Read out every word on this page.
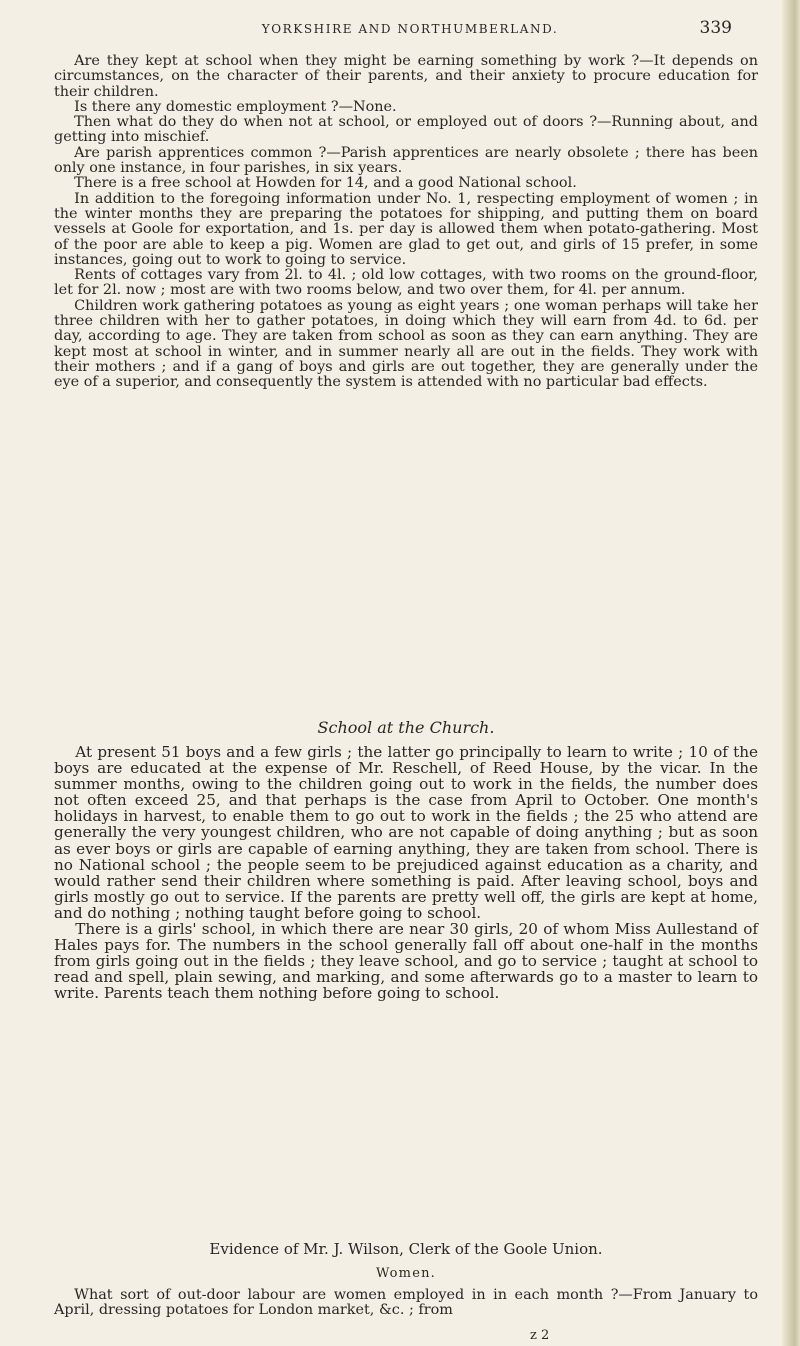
YORKSHIRE AND NORTHUMBERLAND.	339

Are they kept at school when they might be earning something by work ?—It depends on circumstances, on the character of their parents, and their anxiety to procure education for their children.

Is there any domestic employment ?—None.

Then what do they do when not at school, or employed out of doors ?—Running about, and getting into mischief.

Are parish apprentices common ?—Parish apprentices are nearly obsolete ; there has been only one instance, in four parishes, in six years.

There is a free school at Howden for 14, and a good National school.

In addition to the foregoing information under No. 1, respecting employment of women ; in the winter months they are preparing the potatoes for shipping, and putting them on board vessels at Goole for exportation, and 1s. per day is allowed them when potato-gathering. Most of the poor are able to keep a pig. Women are glad to get out, and girls of 15 prefer, in some instances, going out to work to going to service.

Rents of cottages vary from 2l. to 4l. ; old low cottages, with two rooms on the ground-floor, let for 2l. now ; most are with two rooms below, and two over them, for 4l. per annum.

Children work gathering potatoes as young as eight years ; one woman perhaps will take her three children with her to gather potatoes, in doing which they will earn from 4d. to 6d. per day, according to age. They are taken from school as soon as they can earn anything. They are kept most at school in winter, and in summer nearly all are out in the fields. They work with their mothers ; and if a gang of boys and girls are out together, they are generally under the eye of a superior, and consequently the system is attended with no particular bad effects.

School at the Church.

At present 51 boys and a few girls ; the latter go principally to learn to write ; 10 of the boys are educated at the expense of Mr. Reschell, of Reed House, by the vicar. In the summer months, owing to the children going out to work in the fields, the number does not often exceed 25, and that perhaps is the case from April to October. One month's holidays in harvest, to enable them to go out to work in the fields ; the 25 who attend are generally the very youngest children, who are not capable of doing anything ; but as soon as ever boys or girls are capable of earning anything, they are taken from school. There is no National school ; the people seem to be prejudiced against education as a charity, and would rather send their children where something is paid. After leaving school, boys and girls mostly go out to service. If the parents are pretty well off, the girls are kept at home, and do nothing ; nothing taught before going to school.

There is a girls' school, in which there are near 30 girls, 20 of whom Miss Aullestand of Hales pays for. The numbers in the school generally fall off about one-half in the months from girls going out in the fields ; they leave school, and go to service ; taught at school to read and spell, plain sewing, and marking, and some afterwards go to a master to learn to write. Parents teach them nothing before going to school.

Evidence of Mr. J. Wilson, Clerk of the Goole Union.
Women.

What sort of out-door labour are women employed in in each month ?—From January to April, dressing potatoes for London market, &c. ; from

z 2
